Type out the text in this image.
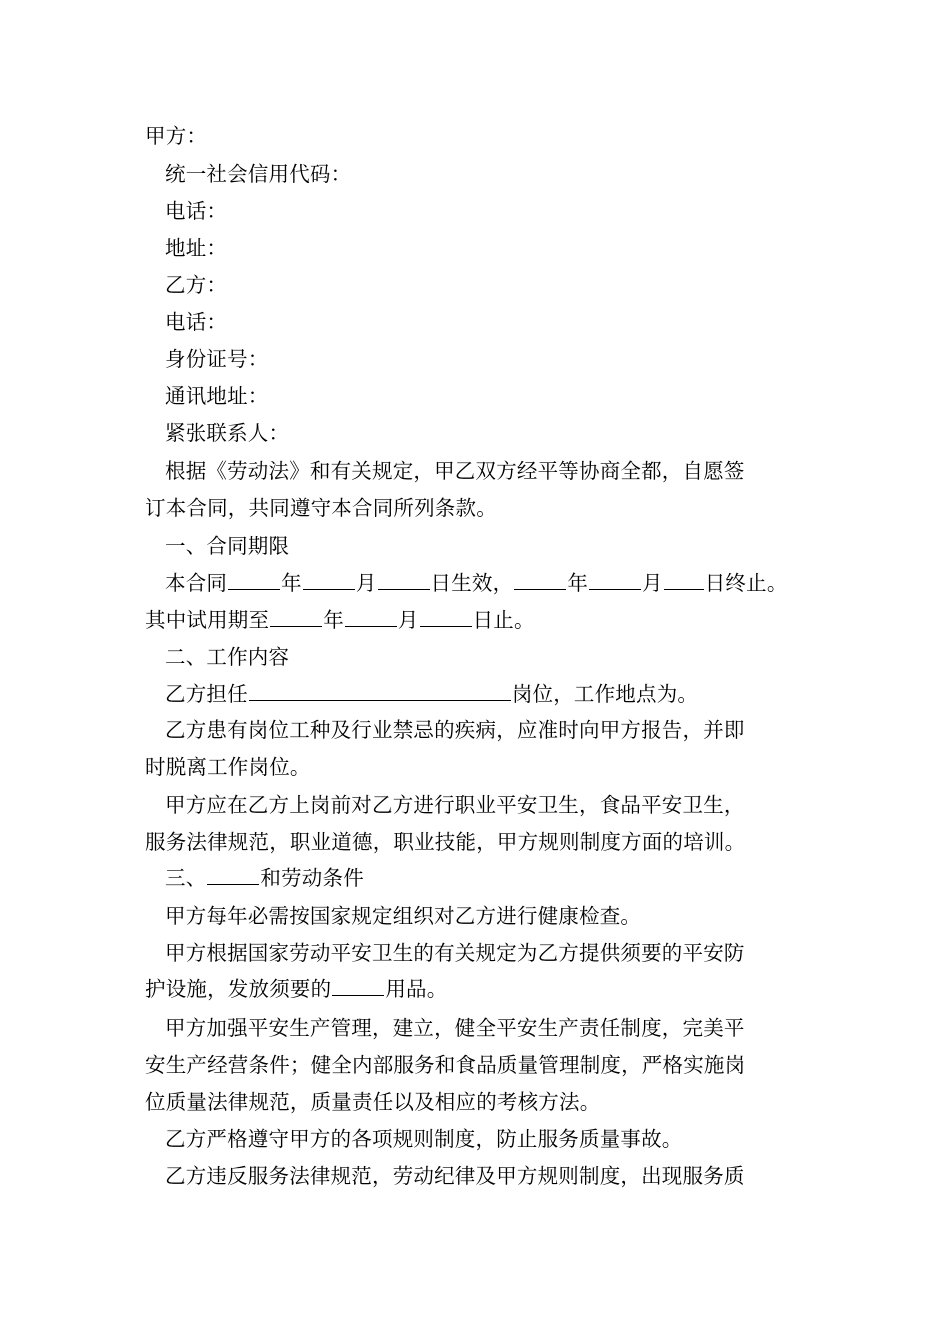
甲方：
统一社会信用代码：
电话：
地址：
乙方：
电话：
身份证号：
通讯地址：
紧张联系人：
根据《劳动法》和有关规定，甲乙双方经平等协商全都，自愿签
订本合同，共同遵守本合同所列条款。
一、合同期限
本合同	年	月	日生效，	年	月 日终止。
其中试用期至	年	月	日止。
二、工作内容
乙方担任	岗位，工作地点为。
乙方患有岗位工种及行业禁忌的疾病，应准时向甲方报告，并即
时脱离工作岗位。
甲方应在乙方上岗前对乙方进行职业平安卫生，食品平安卫生，
服务法律规范，职业道德，职业技能，甲方规则制度方面的培训。
三、	和劳动条件
甲方每年必需按国家规定组织对乙方进行健康检查。
甲方根据国家劳动平安卫生的有关规定为乙方提供须要的平安防
护设施，发放须要的	用品。
甲方加强平安生产管理，建立，健全平安生产责任制度，完美平
安生产经营条件；健全内部服务和食品质量管理制度，严格实施岗
位质量法律规范，质量责任以及相应的考核方法。
乙方严格遵守甲方的各项规则制度，防止服务质量事故。
乙方违反服务法律规范，劳动纪律及甲方规则制度，出现服务质
